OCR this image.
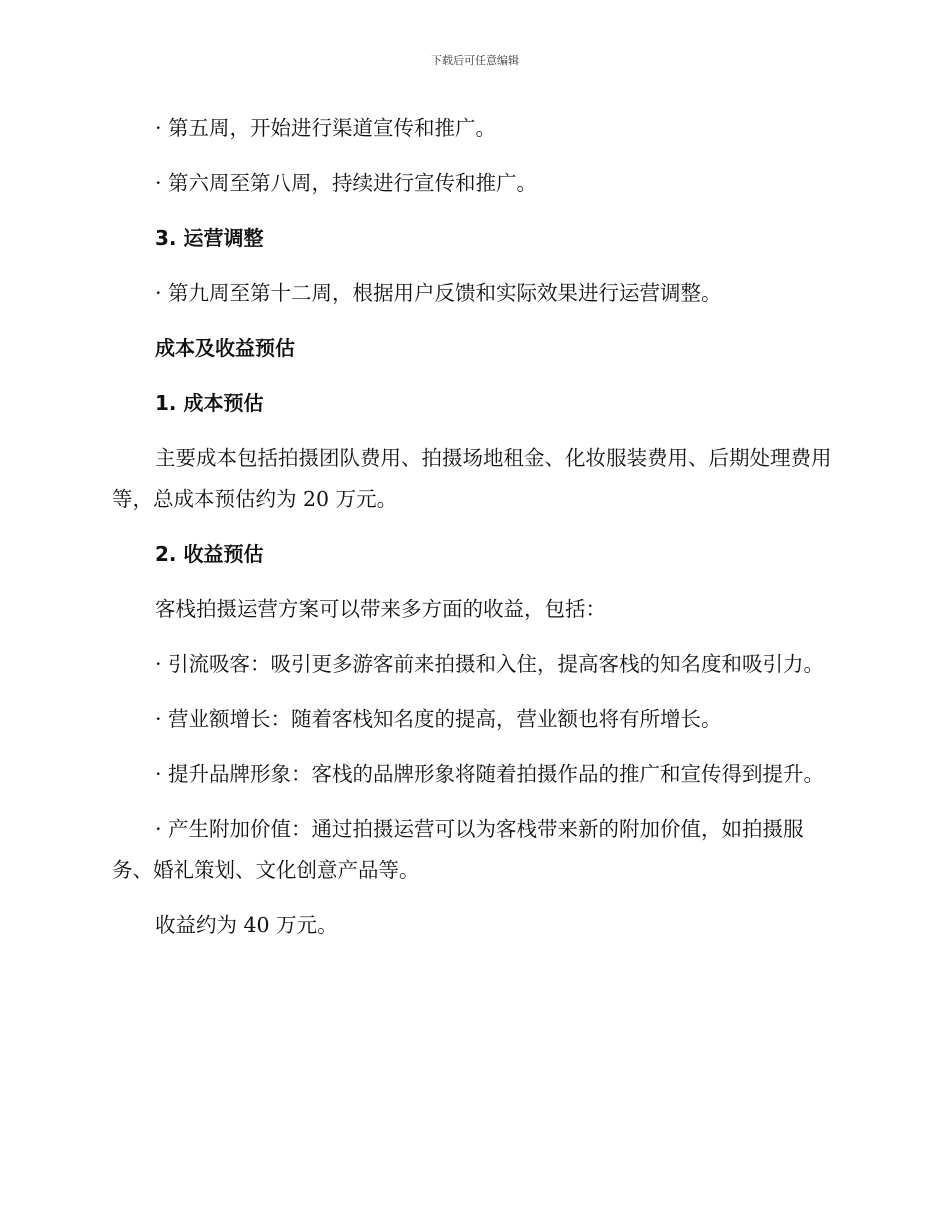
下载后可任意编辑

· 第五周，开始进行渠道宣传和推广。

· 第六周至第八周，持续进行宣传和推广。

3. 运营调整

· 第九周至第十二周，根据用户反馈和实际效果进行运营调整。

成本及收益预估

1. 成本预估

主要成本包括拍摄团队费用、拍摄场地租金、化妆服装费用、后期处理费用等，总成本预估约为 20 万元。

2. 收益预估

客栈拍摄运营方案可以带来多方面的收益，包括：

· 引流吸客：吸引更多游客前来拍摄和入住，提高客栈的知名度和吸引力。

· 营业额增长：随着客栈知名度的提高，营业额也将有所增长。

· 提升品牌形象：客栈的品牌形象将随着拍摄作品的推广和宣传得到提升。

· 产生附加价值：通过拍摄运营可以为客栈带来新的附加价值，如拍摄服务、婚礼策划、文化创意产品等。

收益约为 40 万元。
